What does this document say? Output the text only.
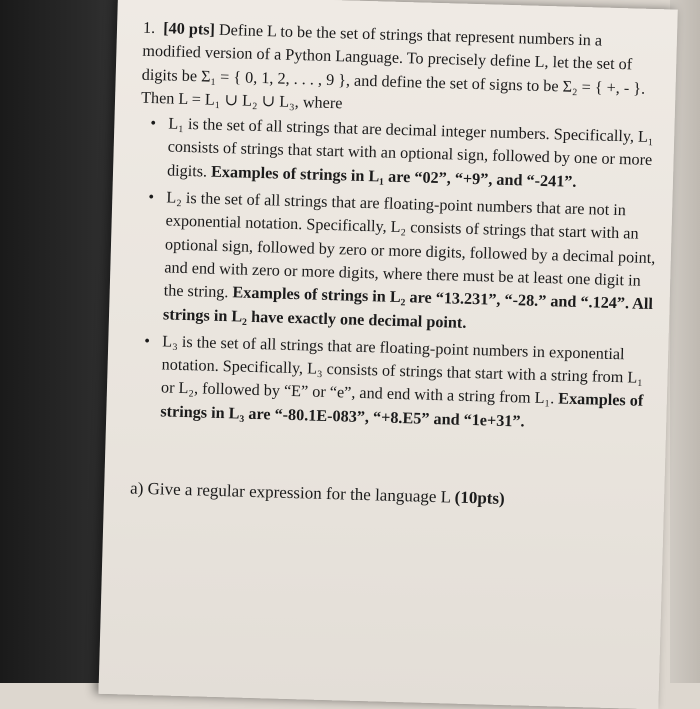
1. [40 pts] Define L to be the set of strings that represent numbers in a modified version of a Python Language. To precisely define L, let the set of digits be Σ₁ = { 0, 1, 2, . . . , 9 }, and define the set of signs to be Σ₂ = { +, - }. Then L = L₁ ∪ L₂ ∪ L₃, where

• L₁ is the set of all strings that are decimal integer numbers. Specifically, L₁ consists of strings that start with an optional sign, followed by one or more digits. Examples of strings in L₁ are “02”, “+9”, and “-241”.
• L₂ is the set of all strings that are floating-point numbers that are not in exponential notation. Specifically, L₂ consists of strings that start with an optional sign, followed by zero or more digits, followed by a decimal point, and end with zero or more digits, where there must be at least one digit in the string. Examples of strings in L₂ are “13.231”, “-28.” and “.124”. All strings in L₂ have exactly one decimal point.
• L₃ is the set of all strings that are floating-point numbers in exponential notation. Specifically, L₃ consists of strings that start with a string from L₁ or L₂, followed by “E” or “e”, and end with a string from L₁. Examples of strings in L₃ are “-80.1E-083”, “+8.E5” and “1e+31”.

a) Give a regular expression for the language L (10pts)
